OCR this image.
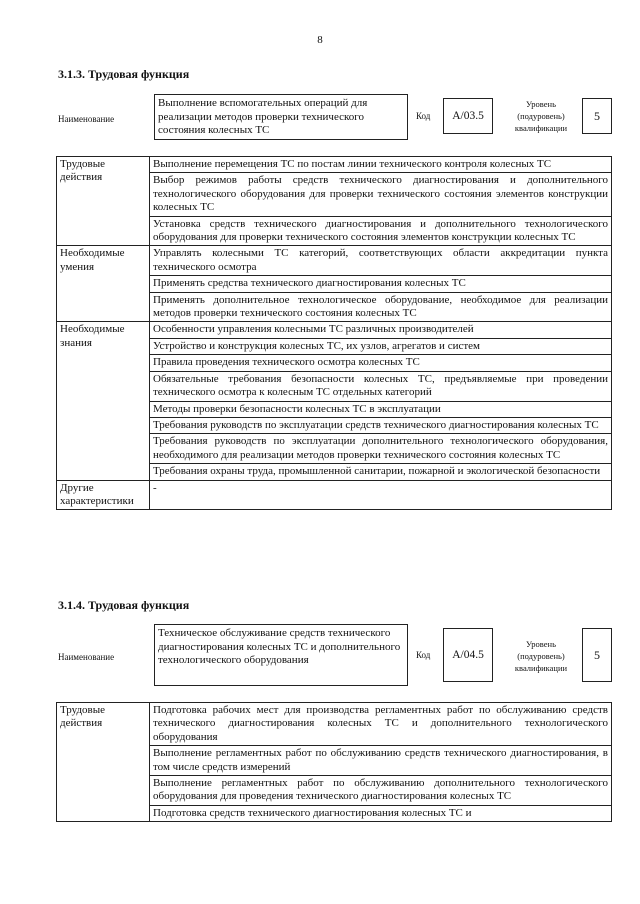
8
3.1.3. Трудовая функция
Наименование
Выполнение вспомогательных операций для реализации методов проверки технического состояния колесных ТС
Код	А/03.5
Уровень (подуровень) квалификации
5
Трудовые действия	Выполнение перемещения ТС по постам линии технического контроля колесных ТС
	Выбор режимов работы средств технического диагностирования и дополнительного технологического оборудования для проверки технического состояния элементов конструкции колесных ТС
	Установка средств технического диагностирования и дополнительного технологического оборудования для проверки технического состояния элементов конструкции колесных ТС
Необходимые умения	Управлять колесными ТС категорий, соответствующих области аккредитации пункта технического осмотра
	Применять средства технического диагностирования колесных ТС
	Применять дополнительное технологическое оборудование, необходимое для реализации методов проверки технического состояния колесных ТС
Необходимые знания	Особенности управления колесными ТС различных производителей
	Устройство и конструкция колесных ТС, их узлов, агрегатов и систем
	Правила проведения технического осмотра колесных ТС
	Обязательные требования безопасности колесных ТС, предъявляемые при проведении технического осмотра к колесным ТС отдельных категорий
	Методы проверки безопасности колесных ТС в эксплуатации
	Требования руководств по эксплуатации средств технического диагностирования колесных ТС
	Требования руководств по эксплуатации дополнительного технологического оборудования, необходимого для реализации методов проверки технического состояния колесных ТС
	Требования охраны труда, промышленной санитарии, пожарной и экологической безопасности
Другие характеристики	-
3.1.4. Трудовая функция
Наименование
Техническое обслуживание средств технического диагностирования колесных ТС и дополнительного технологического оборудования	Код	А/04.5
Уровень (подуровень) квалификации
5
Трудовые действия	Подготовка рабочих мест для производства регламентных работ по обслуживанию средств технического диагностирования колесных ТС и дополнительного технологического оборудования
Выполнение регламентных работ по обслуживанию средств технического диагностирования, в том числе средств измерений
Выполнение регламентных работ по обслуживанию дополнительного технологического оборудования для проведения технического диагностирования колесных ТС
Подготовка средств технического диагностирования колесных ТС и
